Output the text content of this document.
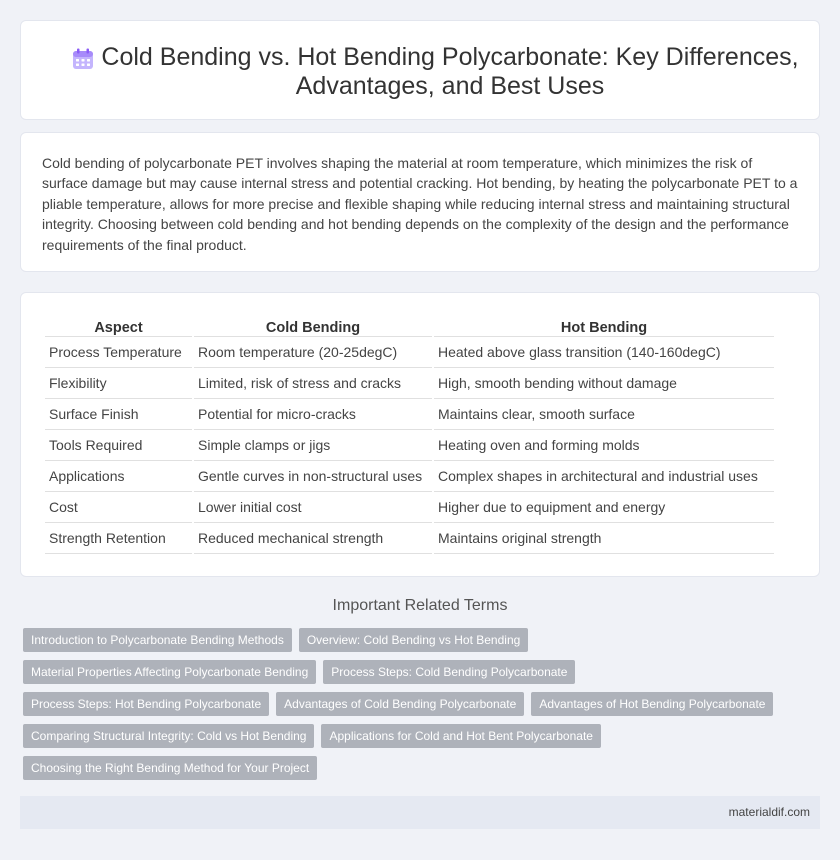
Cold Bending vs. Hot Bending Polycarbonate: Key Differences, Advantages, and Best Uses

Cold bending of polycarbonate PET involves shaping the material at room temperature, which minimizes the risk of surface damage but may cause internal stress and potential cracking. Hot bending, by heating the polycarbonate PET to a pliable temperature, allows for more precise and flexible shaping while reducing internal stress and maintaining structural integrity. Choosing between cold bending and hot bending depends on the complexity of the design and the performance requirements of the final product.

Aspect	Cold Bending	Hot Bending
Process Temperature	Room temperature (20-25degC)	Heated above glass transition (140-160degC)
Flexibility	Limited, risk of stress and cracks	High, smooth bending without damage
Surface Finish	Potential for micro-cracks	Maintains clear, smooth surface
Tools Required	Simple clamps or jigs	Heating oven and forming molds
Applications	Gentle curves in non-structural uses	Complex shapes in architectural and industrial uses
Cost	Lower initial cost	Higher due to equipment and energy
Strength Retention	Reduced mechanical strength	Maintains original strength
Important Related Terms
Introduction to Polycarbonate Bending Methods	Overview: Cold Bending vs Hot Bending
Material Properties Affecting Polycarbonate Bending	Process Steps: Cold Bending Polycarbonate
Process Steps: Hot Bending Polycarbonate	Advantages of Cold Bending Polycarbonate	Advantages of Hot Bending Polycarbonate
Comparing Structural Integrity: Cold vs Hot Bending	Applications for Cold and Hot Bent Polycarbonate
Choosing the Right Bending Method for Your Project
materialdif.com
